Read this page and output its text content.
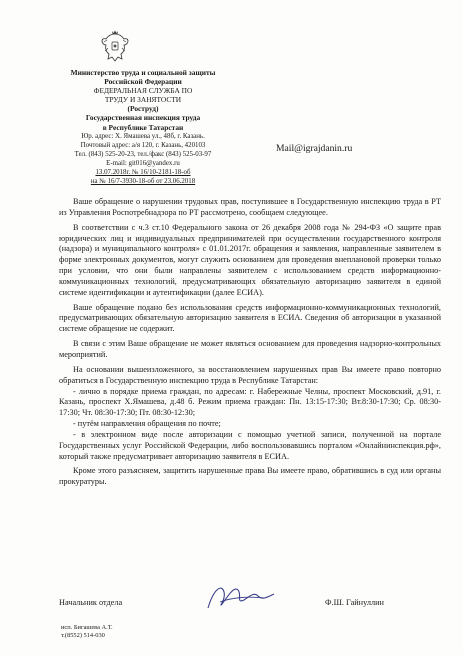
Министерство труда и социальной защиты
Российской Федерации
ФЕДЕРАЛЬНАЯ СЛУЖБА ПО
ТРУДУ И ЗАНЯТОСТИ
(Роструд)
Государственная инспекция труда
в Республике Татарстан
Юр. адрес: Х. Ямашева ул., 48б, г. Казань.
Почтовый адрес: а/я 120, г. Казань, 420103
Тел. (843) 525-20-23, тел./факс (843) 525-03-97
E-mail: git016@yandex.ru
13.07.2018г. № 16/10-2181-18-об
на № 16/7-3930-18-об от 23.06.2018
Mail@igrajdanin.ru

Ваше обращение о нарушении трудовых прав, поступившее в Государственную инспекцию труда в РТ из Управления Роспотребнадзора по РТ рассмотрено, сообщаем следующее.

В соответствии с ч.3 ст.10 Федерального закона от 26 декабря 2008 года № 294-ФЗ «О защите прав юридических лиц и индивидуальных предпринимателей при осуществлении государственного контроля (надзора) и муниципального контроля» с 01.01.2017г. обращения и заявления, направленные заявителем в форме электронных документов, могут служить основанием для проведения внеплановой проверки только при условии, что они были направлены заявителем с использованием средств информационно-коммуникационных технологий, предусматривающих обязательную авторизацию заявителя в единой системе идентификации и аутентификации (далее ЕСИА).

Ваше обращение подано без использования средств информационно-коммуникационных технологий, предусматривающих обязательную авторизацию заявителя в ЕСИА. Сведения об авторизации в указанной системе обращение не содержит.

В связи с этим Ваше обращение не может являться основанием для проведения надзорно-контрольных мероприятий.

На основании вышеизложенного, за восстановлением нарушенных прав Вы имеете право повторно обратиться в Государственную инспекцию труда в Республике Татарстан:

- лично в порядке приема граждан, по адресам: г. Набережные Челны, проспект Московский, д.91, г. Казань, проспект Х.Ямашева, д.48 б. Режим приема граждан: Пн. 13:15-17:30; Вт.8:30-17:30; Ср. 08:30-17:30; Чт. 08:30-17:30; Пт. 08:30-12:30;

- путём направления обращения по почте;

- в электронном виде после авторизации с помощью учетной записи, полученной на портале Государственных услуг Российской Федерации, либо воспользовавшись порталом «Онлайнинспекция.рф», который также предусматривает авторизацию заявителя в ЕСИА.

Кроме этого разъясняем, защитить нарушенные права Вы имеете право, обратившись в суд или органы прокуратуры.

Начальник отдела	Ф.Ш. Гайнуллин
исп. Бигашева А.Т.
т.(8552) 514-030
